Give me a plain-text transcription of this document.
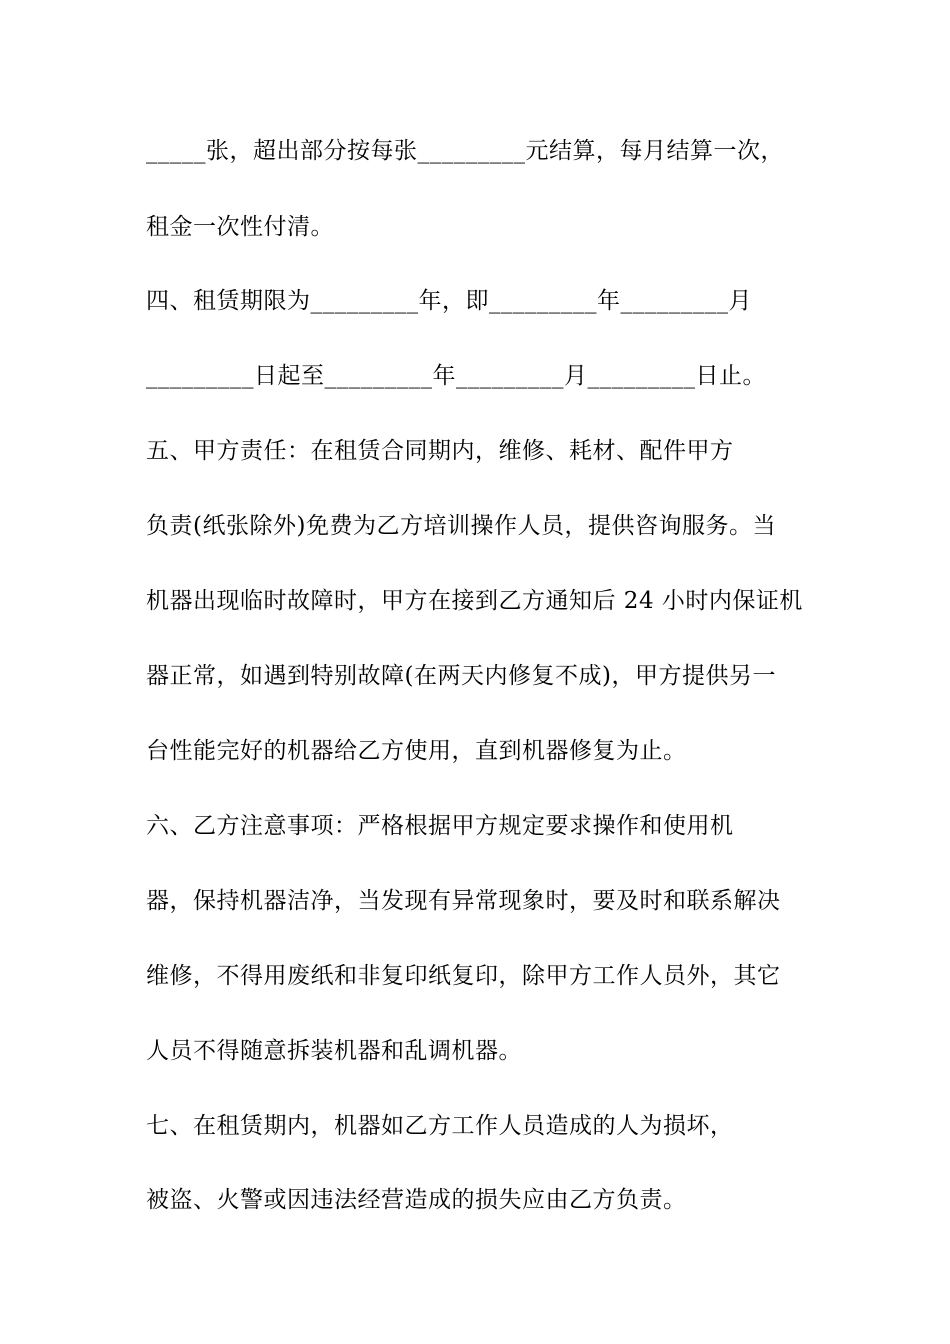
_____张，超出部分按每张_________元结算，每月结算一次，
租金一次性付清。
四、租赁期限为_________年，即_________年_________月
_________日起至_________年_________月_________日止。
五、甲方责任：在租赁合同期内，维修、耗材、配件甲方
负责(纸张除外)免费为乙方培训操作人员，提供咨询服务。当
机器出现临时故障时，甲方在接到乙方通知后 24 小时内保证机
器正常，如遇到特别故障(在两天内修复不成)，甲方提供另一
台性能完好的机器给乙方使用，直到机器修复为止。
六、乙方注意事项：严格根据甲方规定要求操作和使用机
器，保持机器洁净，当发现有异常现象时，要及时和联系解决
维修，不得用废纸和非复印纸复印，除甲方工作人员外，其它
人员不得随意拆装机器和乱调机器。
七、在租赁期内，机器如乙方工作人员造成的人为损坏，
被盗、火警或因违法经营造成的损失应由乙方负责。
